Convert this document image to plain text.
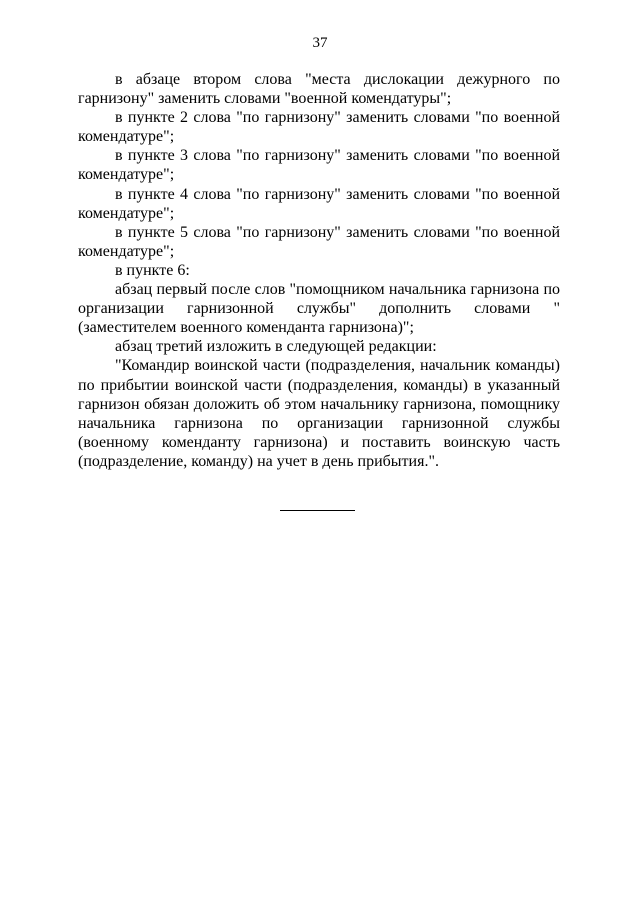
37

в абзаце втором слова "места дислокации дежурного по гарнизону" заменить словами "военной комендатуры";

в пункте 2 слова "по гарнизону" заменить словами "по военной комендатуре";

в пункте 3 слова "по гарнизону" заменить словами "по военной комендатуре";

в пункте 4 слова "по гарнизону" заменить словами "по военной комендатуре";

в пункте 5 слова "по гарнизону" заменить словами "по военной комендатуре";

в пункте 6:

абзац первый после слов "помощником начальника гарнизона по организации гарнизонной службы" дополнить словами "(заместителем военного коменданта гарнизона)";

абзац третий изложить в следующей редакции:

"Командир воинской части (подразделения, начальник команды) по прибытии воинской части (подразделения, команды) в указанный гарнизон обязан доложить об этом начальнику гарнизона, помощнику начальника гарнизона по организации гарнизонной службы (военному коменданту гарнизона) и поставить воинскую часть (подразделение, команду) на учет в день прибытия.".
